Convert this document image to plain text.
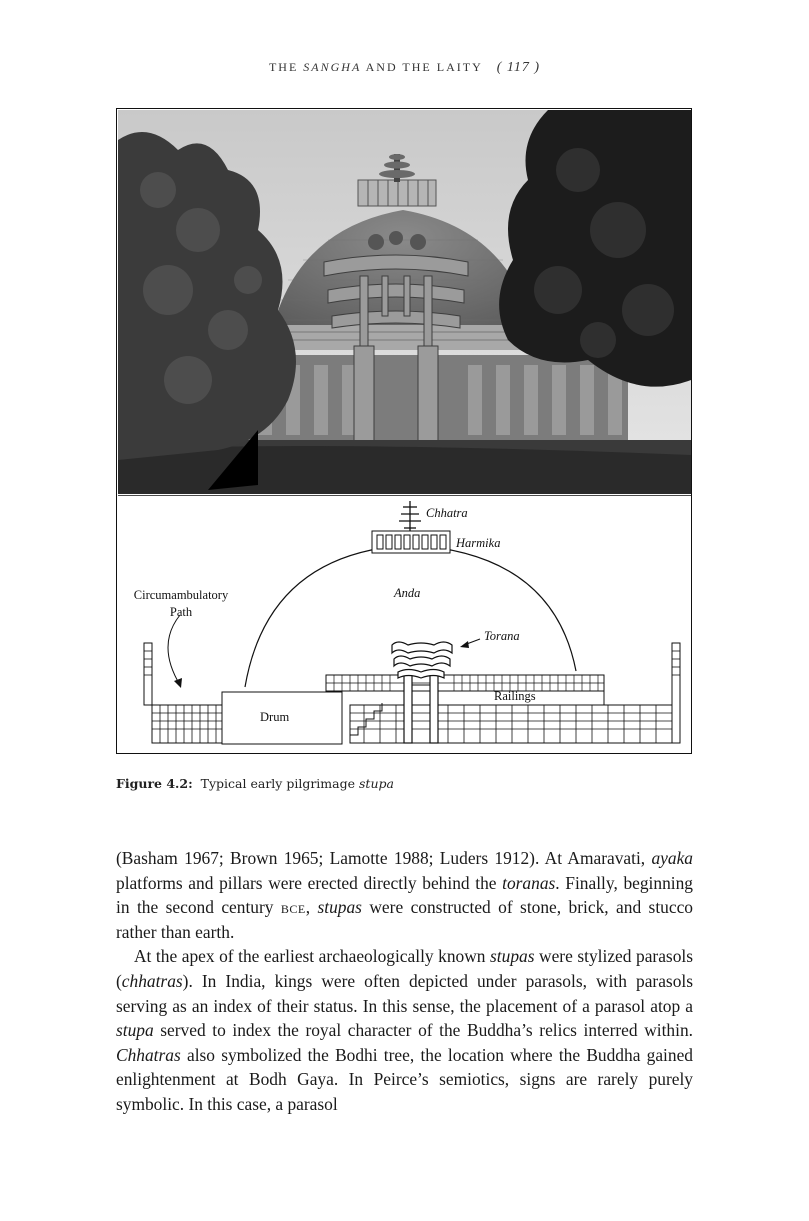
THE SANGHA AND THE LAITY ( 117 )
Chhatra
Harmika
Anda
Torana
Railings
Drum
Circumambulatory
Path
Figure 4.2: Typical early pilgrimage stupa

(Basham 1967; Brown 1965; Lamotte 1988; Luders 1912). At Amaravati, ayaka platforms and pillars were erected directly behind the toranas. Finally, beginning in the second century bce, stupas were constructed of stone, brick, and stucco rather than earth.

At the apex of the earliest archaeologically known stupas were stylized parasols (chhatras). In India, kings were often depicted under parasols, with parasols serving as an index of their status. In this sense, the placement of a parasol atop a stupa served to index the royal character of the Buddha’s relics interred within. Chhatras also symbolized the Bodhi tree, the location where the Buddha gained enlightenment at Bodh Gaya. In Peirce’s semiotics, signs are rarely purely symbolic. In this case, a parasol
